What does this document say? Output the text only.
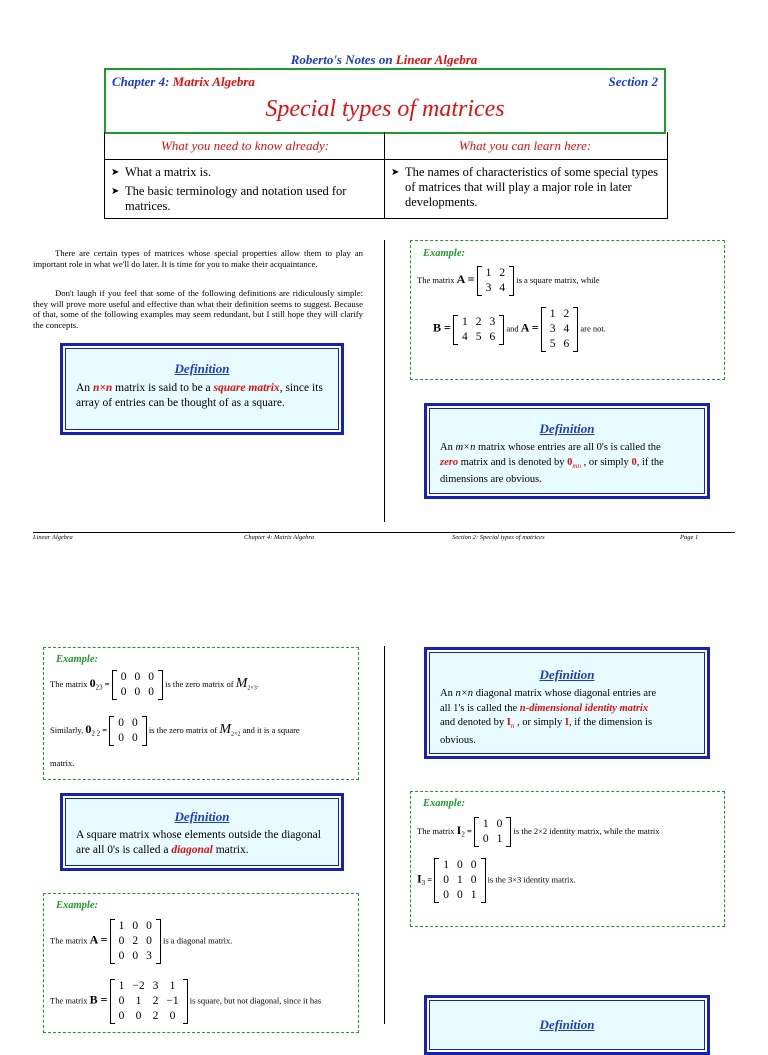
Roberto's Notes on Linear Algebra
Chapter 4: Matrix Algebra	Section 2
Special types of matrices
What you need to know already:	What you can learn here:
➤ What a matrix is.
➤ The basic terminology and notation used for matrices.
➤ The names of characteristics of some special types of matrices that will play a major role in later developments.
There are certain types of matrices whose special properties allow them to play an important role in what we'll do later. It is time for you to make their acquaintance.
Don't laugh if you feel that some of the following definitions are ridiculously simple: they will prove more useful and effective than what their definition seems to suggest. Because of that, some of the following examples may seem redundant, but I still hope they will clarify the concepts.
Definition
An n×n matrix is said to be a square matrix, since its array of entries can be thought of as a square.
Example:
The matrix A = 1	2
3	4
is a square matrix, while
B = 1	2	3
4	5	6
and A =
1	2
3	4
5	6
are not.
Definition
An m×n matrix whose entries are all 0's is called the
zero matrix and is denoted by $0_{mn}$ , or simply 0, if the
dimensions are obvious.
Linear Algebra	Chapter 4: Matrix Algebra	Section 2: Special types of matrices	Page 1
Example:
The matrix $0_{23}$ =
0	0	0
0	0	0
is the zero matrix of $M_{2\times 3}$.
Similarly, $0_{2 2}$ =
0	0
0	0
is the zero matrix of $M_{2\times 2}$ and it is a square
matrix.
Definition
A square matrix whose elements outside the diagonal
are all 0's is called a diagonal matrix.
Example:
The matrix A =
1	0	0
0	2	0
0	0	3
is a diagonal matrix.
The matrix B =
1	−2	3	1
0	1	2	−1
0	0	2	0
is square, but not diagonal, since it has
Definition
An n×n diagonal matrix whose diagonal entries are
all 1's is called the n-dimensional identity matrix
and denoted by $I_n$ , or simply I, if the dimension is
obvious.
Example:
The matrix $I_2$ =
1	0
0	1
is the 2×2 identity matrix, while the matrix
$I_3$ =
1	0	0
0	1	0
0	0	1
is the 3×3 identity matrix.
Definition
